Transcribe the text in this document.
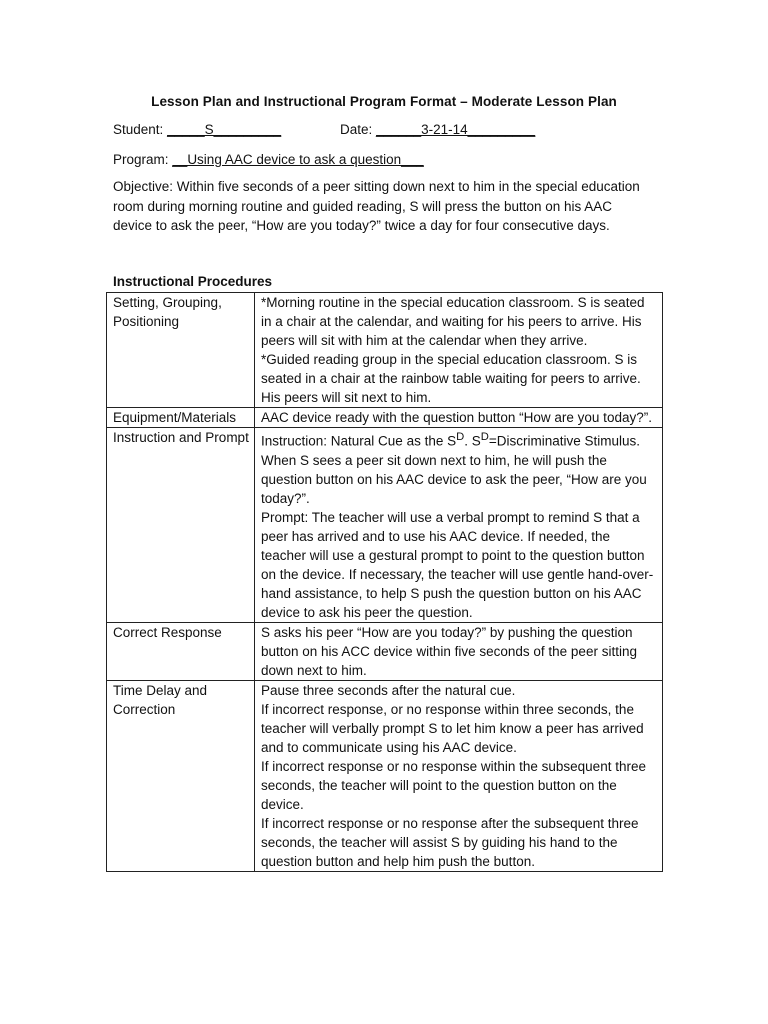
Lesson Plan and Instructional Program Format – Moderate Lesson Plan
Student: _____S_________	Date: ______3-21-14_________
Program: __Using AAC device to ask a question___
Objective: Within five seconds of a peer sitting down next to him in the special education room during morning routine and guided reading, S will press the button on his AAC device to ask the peer, “How are you today?” twice a day for four consecutive days.
Instructional Procedures
Setting, Grouping, Positioning	*Morning routine in the special education classroom. S is seated in a chair at the calendar, and waiting for his peers to arrive. His peers will sit with him at the calendar when they arrive.
*Guided reading group in the special education classroom. S is seated in a chair at the rainbow table waiting for peers to arrive. His peers will sit next to him.

Equipment/Materials	AAC device ready with the question button “How are you today?”.

Instruction and Prompt	Instruction: Natural Cue as the $S^D$. $S^D=Discriminative$ Stimulus. When S sees a peer sit down next to him, he will push the question button on his AAC device to ask the peer, “How are you today?”.
Prompt: The teacher will use a verbal prompt to remind S that a peer has arrived and to use his AAC device. If needed, the teacher will use a gestural prompt to point to the question button on the device. If necessary, the teacher will use gentle hand-over-hand assistance, to help S push the question button on his AAC device to ask his peer the question.

Correct Response	S asks his peer “How are you today?” by pushing the question button on his ACC device within five seconds of the peer sitting down next to him.

Time Delay and Correction	Pause three seconds after the natural cue.
If incorrect response, or no response within three seconds, the teacher will verbally prompt S to let him know a peer has arrived and to communicate using his AAC device.
If incorrect response or no response within the subsequent three seconds, the teacher will point to the question button on the device.
If incorrect response or no response after the subsequent three seconds, the teacher will assist S by guiding his hand to the question button and help him push the button.
